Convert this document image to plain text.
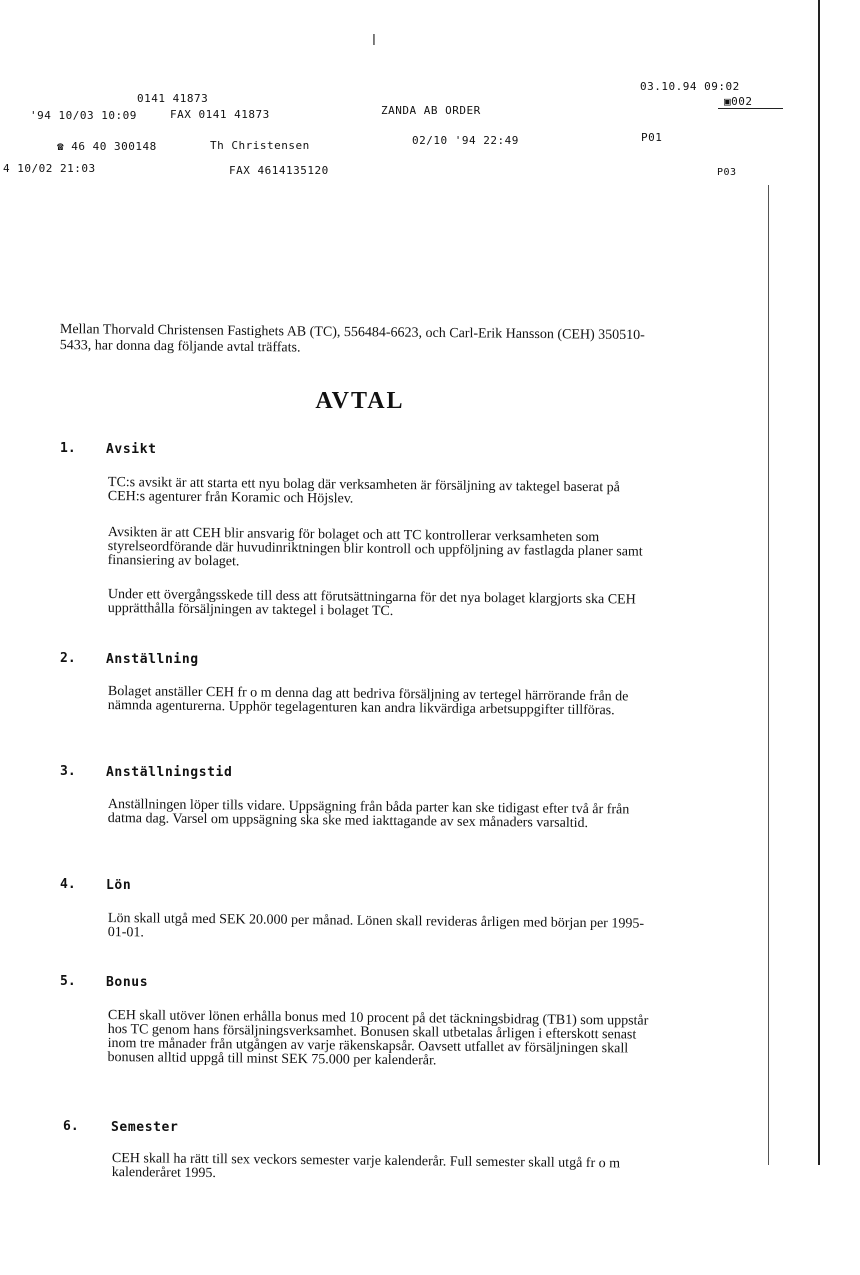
0141 41873
'94 10/03 10:09	FAX 0141 41873
☎ 46 40 300148	Th Christensen
4 10/02 21:03	FAX 4614135120
ZANDA AB ORDER
02/10 '94 22:49	P01
P03
03.10.94 09:02
▣002
ꞁ
Mellan Thorvald Christensen Fastighets AB (TC), 556484-6623, och Carl-Erik Hansson (CEH) 350510-5433, har donna dag följande avtal träffats.
AVTAL
1. Avsikt
TC:s avsikt är att starta ett nyu bolag där verksamheten är försäljning av taktegel baserat på CEH:s agenturer från Koramic och Höjslev.
Avsikten är att CEH blir ansvarig för bolaget och att TC kontrollerar verksamheten som styrelseordförande där huvudinriktningen blir kontroll och uppföljning av fastlagda planer samt finansiering av bolaget.
Under ett övergångsskede till dess att förutsättningarna för det nya bolaget klargjorts ska CEH upprätthålla försäljningen av taktegel i bolaget TC.
2. Anställning
Bolaget anställer CEH fr o m denna dag att bedriva försäljning av tertegel härrörande från de nämnda agenturerna. Upphör tegelagenturen kan andra likvärdiga arbetsuppgifter tillföras.
3. Anställningstid
Anställningen löper tills vidare. Uppsägning från båda parter kan ske tidigast efter två år från datma dag. Varsel om uppsägning ska ske med iakttagande av sex månaders varsaltid.
4. Lön
Lön skall utgå med SEK 20.000 per månad. Lönen skall revideras årligen med början per 1995-01-01.
5. Bonus
CEH skall utöver lönen erhålla bonus med 10 procent på det täckningsbidrag (TB1) som uppstår hos TC genom hans försäljningsverksamhet. Bonusen skall utbetalas årligen i efterskott senast inom tre månader från utgången av varje räkenskapsår. Oavsett utfallet av försäljningen skall bonusen alltid uppgå till minst SEK 75.000 per kalenderår.
6. Semester
CEH skall ha rätt till sex veckors semester varje kalenderår. Full semester skall utgå fr o m kalenderåret 1995.
